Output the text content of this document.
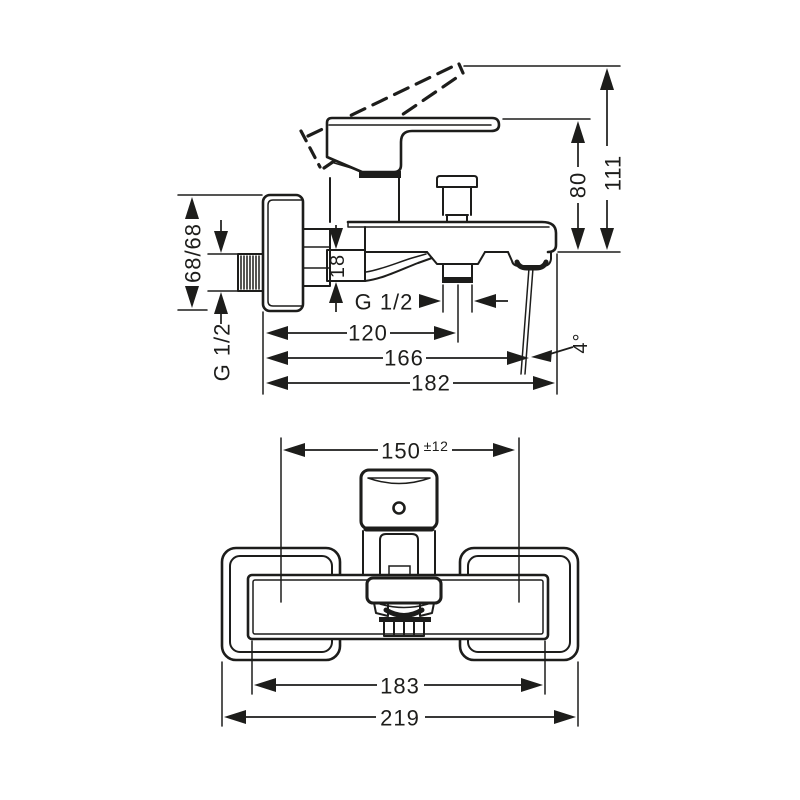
111
80
68/68
G 1/2
18
G 1/2
120
166
182
4°
150 ±12
183
219
